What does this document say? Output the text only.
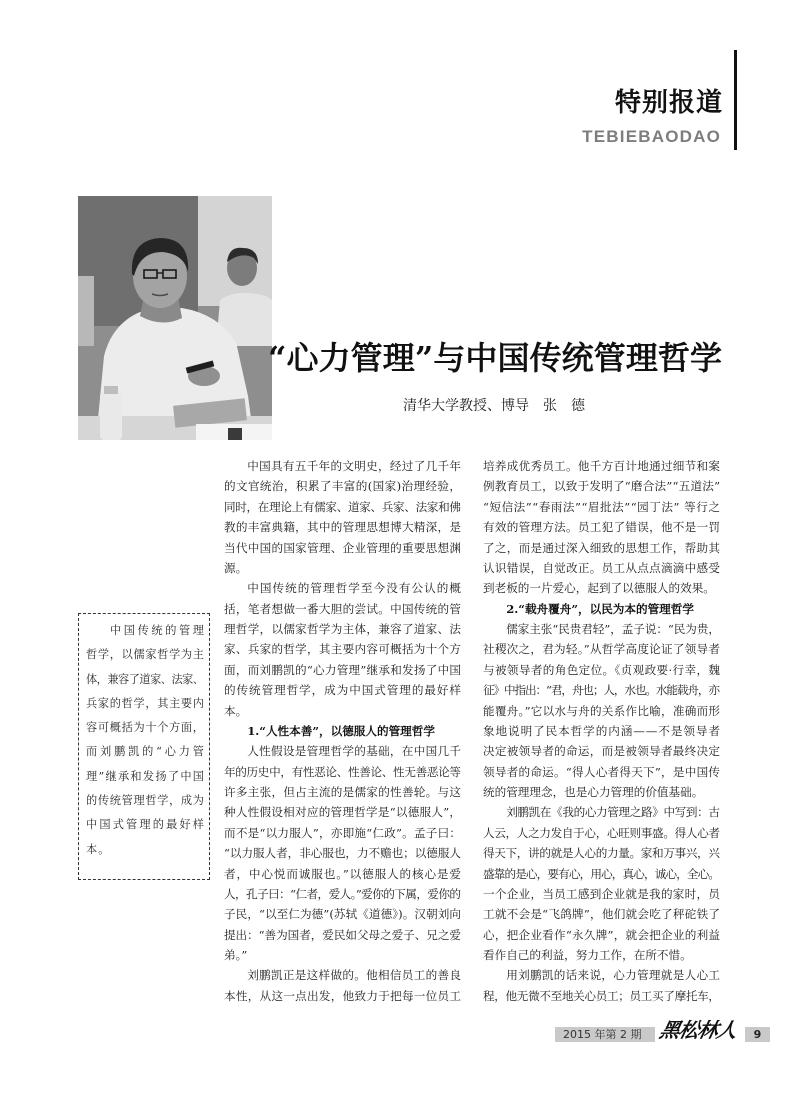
特别报道
TEBIEBAODAO
“心力管理”与中国传统管理哲学
清华大学教授、博导　张　德
中国传统的管理
哲学，以儒家哲学为主
体，兼容了道家、法家、
兵家的哲学，其主要内
容可概括为十个方面，
而刘鹏凯的“心力管
理”继承和发扬了中国
的传统管理哲学，成为
中国式管理的最好样
本。
中国具有五千年的文明史，经过了几千年
的文官统治，积累了丰富的(国家)治理经验，
同时，在理论上有儒家、道家、兵家、法家和佛
教的丰富典籍，其中的管理思想博大精深，是
当代中国的国家管理、企业管理的重要思想渊
源。
中国传统的管理哲学至今没有公认的概
括，笔者想做一番大胆的尝试。中国传统的管
理哲学，以儒家哲学为主体，兼容了道家、法
家、兵家的哲学，其主要内容可概括为十个方
面，而刘鹏凯的“心力管理”继承和发扬了中国
的传统管理哲学，成为中国式管理的最好样
本。
1.“人性本善”，以德服人的管理哲学
人性假设是管理哲学的基础，在中国几千
年的历史中，有性恶论、性善论、性无善恶论等
许多主张，但占主流的是儒家的性善轮。与这
种人性假设相对应的管理哲学是“以德服人”，
而不是“以力服人”，亦即施“仁政”。孟子曰：
“以力服人者，非心服也，力不赡也；以德服人
者，中心悦而诚服也。”以德服人的核心是爱
人，孔子曰：“仁者，爱人。”爱你的下属，爱你的
子民，“以至仁为德”(苏轼《道德》)。汉朝刘向
提出：“善为国者，爱民如父母之爱子、兄之爱
弟。”
刘鹏凯正是这样做的。他相信员工的善良
本性，从这一点出发，他致力于把每一位员工
培养成优秀员工。他千方百计地通过细节和案
例教育员工，以致于发明了“磨合法”“五道法”
“短信法”“春雨法”“眉批法”“园丁法” 等行之
有效的管理方法。员工犯了错误，他不是一罚
了之，而是通过深入细致的思想工作，帮助其
认识错误，自觉改正。员工从点点滴滴中感受
到老板的一片爱心，起到了以德服人的效果。
2.“载舟覆舟”，以民为本的管理哲学
儒家主张“民贵君轻”，孟子说：“民为贵，
社稷次之，君为轻。”从哲学高度论证了领导者
与被领导者的角色定位。《贞观政要·行幸，魏
征》中指出：“君，舟也；人，水也。水能载舟，亦
能覆舟。”它以水与舟的关系作比喻，准确而形
象地说明了民本哲学的内涵——不是领导者
决定被领导者的命运，而是被领导者最终决定
领导者的命运。“得人心者得天下”，是中国传
统的管理理念，也是心力管理的价值基础。
刘鹏凯在《我的心力管理之路》中写到：古
人云，人之力发自于心，心旺则事盛。得人心者
得天下，讲的就是人心的力量。家和万事兴，兴
盛靠的是心，要有心，用心，真心，诚心，全心。
一个企业，当员工感到企业就是我的家时，员
工就不会是“飞鸽牌”，他们就会吃了秤砣铁了
心，把企业看作“永久牌”，就会把企业的利益
看作自己的利益，努力工作，在所不惜。
用刘鹏凯的话来说，心力管理就是人心工
程，他无微不至地关心员工；员工买了摩托车，
2015 年第 2 期 黑松林人	9
